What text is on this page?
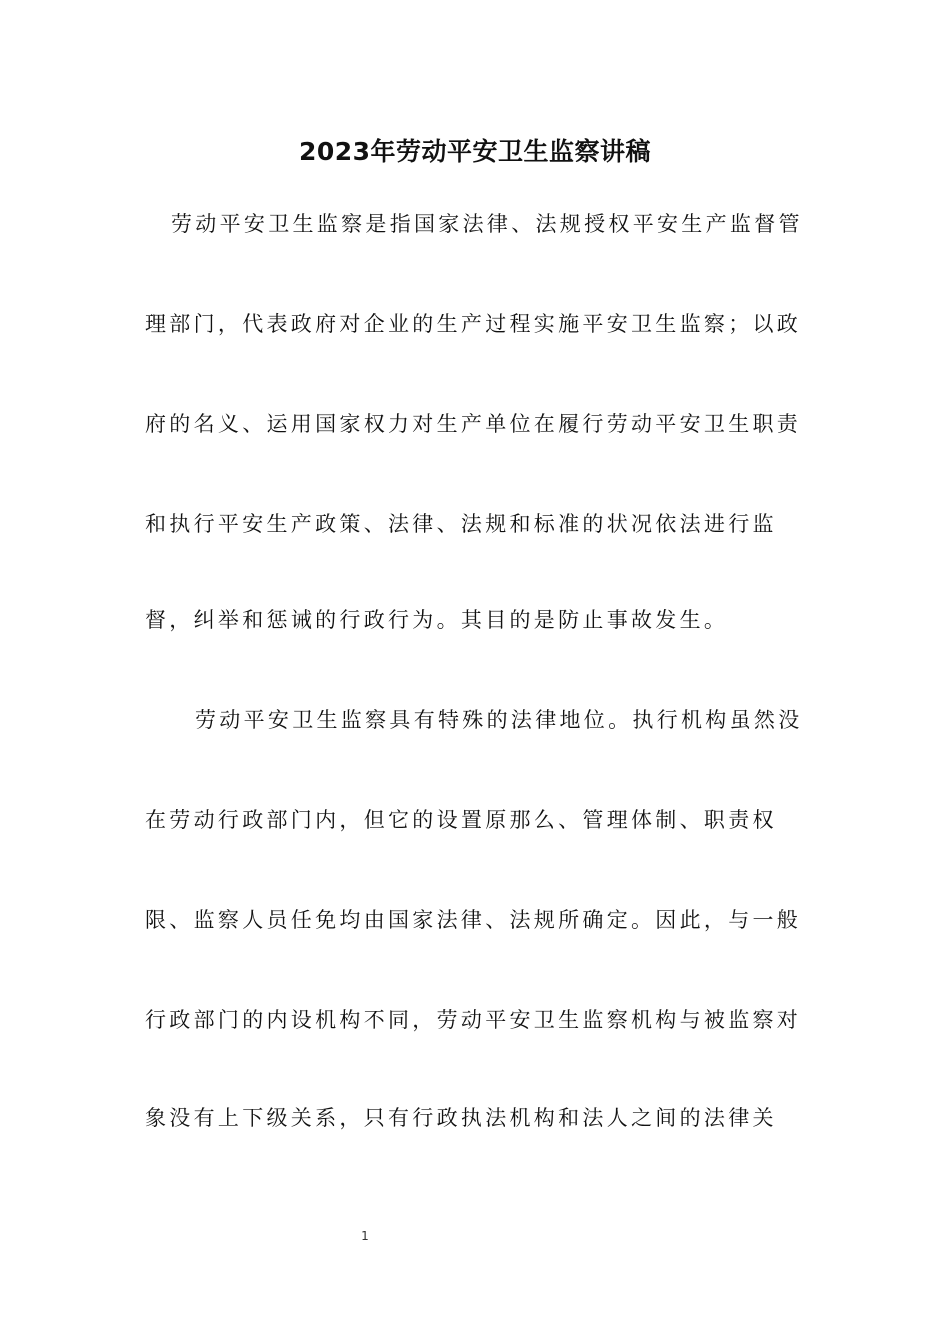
2023年劳动平安卫生监察讲稿

劳动平安卫生监察是指国家法律、法规授权平安生产监督管

理部门，代表政府对企业的生产过程实施平安卫生监察；以政

府的名义、运用国家权力对生产单位在履行劳动平安卫生职责

和执行平安生产政策、法律、法规和标准的状况依法进行监

督，纠举和惩诫的行政行为。其目的是防止事故发生。

劳动平安卫生监察具有特殊的法律地位。执行机构虽然没

在劳动行政部门内，但它的设置原那么、管理体制、职责权

限、监察人员任免均由国家法律、法规所确定。因此，与一般

行政部门的内设机构不同，劳动平安卫生监察机构与被监察对

象没有上下级关系，只有行政执法机构和法人之间的法律关

1
